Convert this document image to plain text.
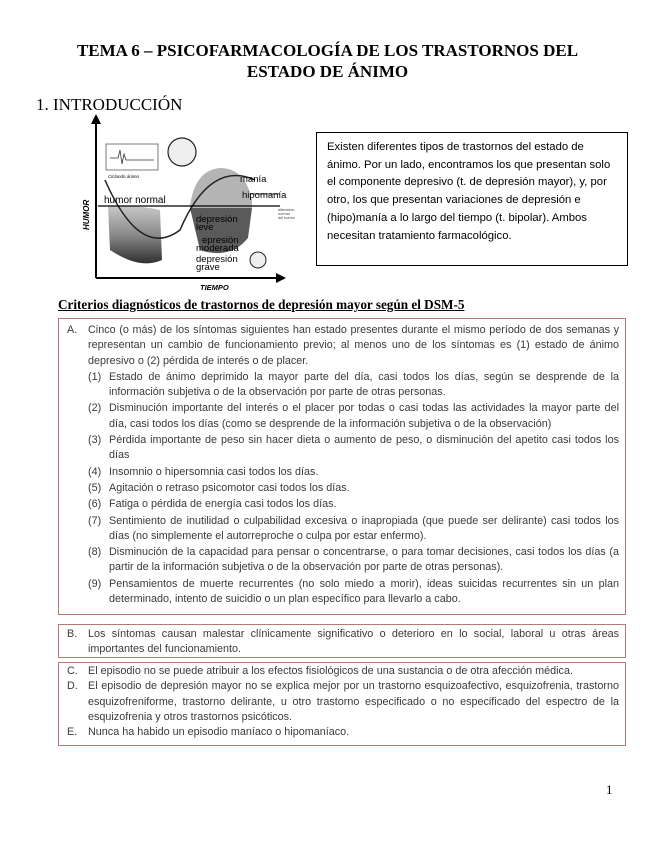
TEMA 6 – PSICOFARMACOLOGÍA DE LOS TRASTORNOS DEL
ESTADO DE ÁNIMO
1. INTRODUCCIÓN
HUMOR
TIEMPO
Ciclando ánimo
humor normal
manía
hipomanía
alteración normal del humor
depresión leve
epresión moderada
depresión grave
Existen diferentes tipos de trastornos del estado de ánimo. Por un lado, encontramos los que presentan solo el componente depresivo (t. de depresión mayor), y, por otro, los que presentan variaciones de depresión e (hipo)manía a lo largo del tiempo (t. bipolar). Ambos necesitan tratamiento farmacológico.
Criterios diagnósticos de trastornos de depresión mayor según el DSM-5
A. Cinco (o más) de los síntomas siguientes han estado presentes durante el mismo período de dos semanas y representan un cambio de funcionamiento previo; al menos uno de los síntomas es (1) estado de ánimo depresivo o (2) pérdida de interés o de placer.
(1) Estado de ánimo deprimido la mayor parte del día, casi todos los días, según se desprende de la información subjetiva o de la observación por parte de otras personas.
(2) Disminución importante del interés o el placer por todas o casi todas las actividades la mayor parte del día, casi todos los días (como se desprende de la información subjetiva o de la observación)
(3) Pérdida importante de peso sin hacer dieta o aumento de peso, o disminución del apetito casi todos los días
(4) Insomnio o hipersomnia casi todos los días.
(5) Agitación o retraso psicomotor casi todos los días.
(6) Fatiga o pérdida de energía casi todos los días.
(7) Sentimiento de inutilidad o culpabilidad excesiva o inapropiada (que puede ser delirante) casi todos los días (no simplemente el autorreproche o culpa por estar enfermo).
(8) Disminución de la capacidad para pensar o concentrarse, o para tomar decisiones, casi todos los días (a partir de la información subjetiva o de la observación por parte de otras personas).
(9) Pensamientos de muerte recurrentes (no solo miedo a morir), ideas suicidas recurrentes sin un plan determinado, intento de suicidio o un plan específico para llevarlo a cabo.
B. Los síntomas causan malestar clínicamente significativo o deterioro en lo social, laboral u otras áreas importantes del funcionamiento.
C. El episodio no se puede atribuir a los efectos fisiológicos de una sustancia o de otra afección médica.
D. El episodio de depresión mayor no se explica mejor por un trastorno esquizoafectivo, esquizofrenia, trastorno esquizofreniforme, trastorno delirante, u otro trastorno especificado o no especificado del espectro de la esquizofrenia y otros trastornos psicóticos.
E. Nunca ha habido un episodio maníaco o hipomaníaco.
1
